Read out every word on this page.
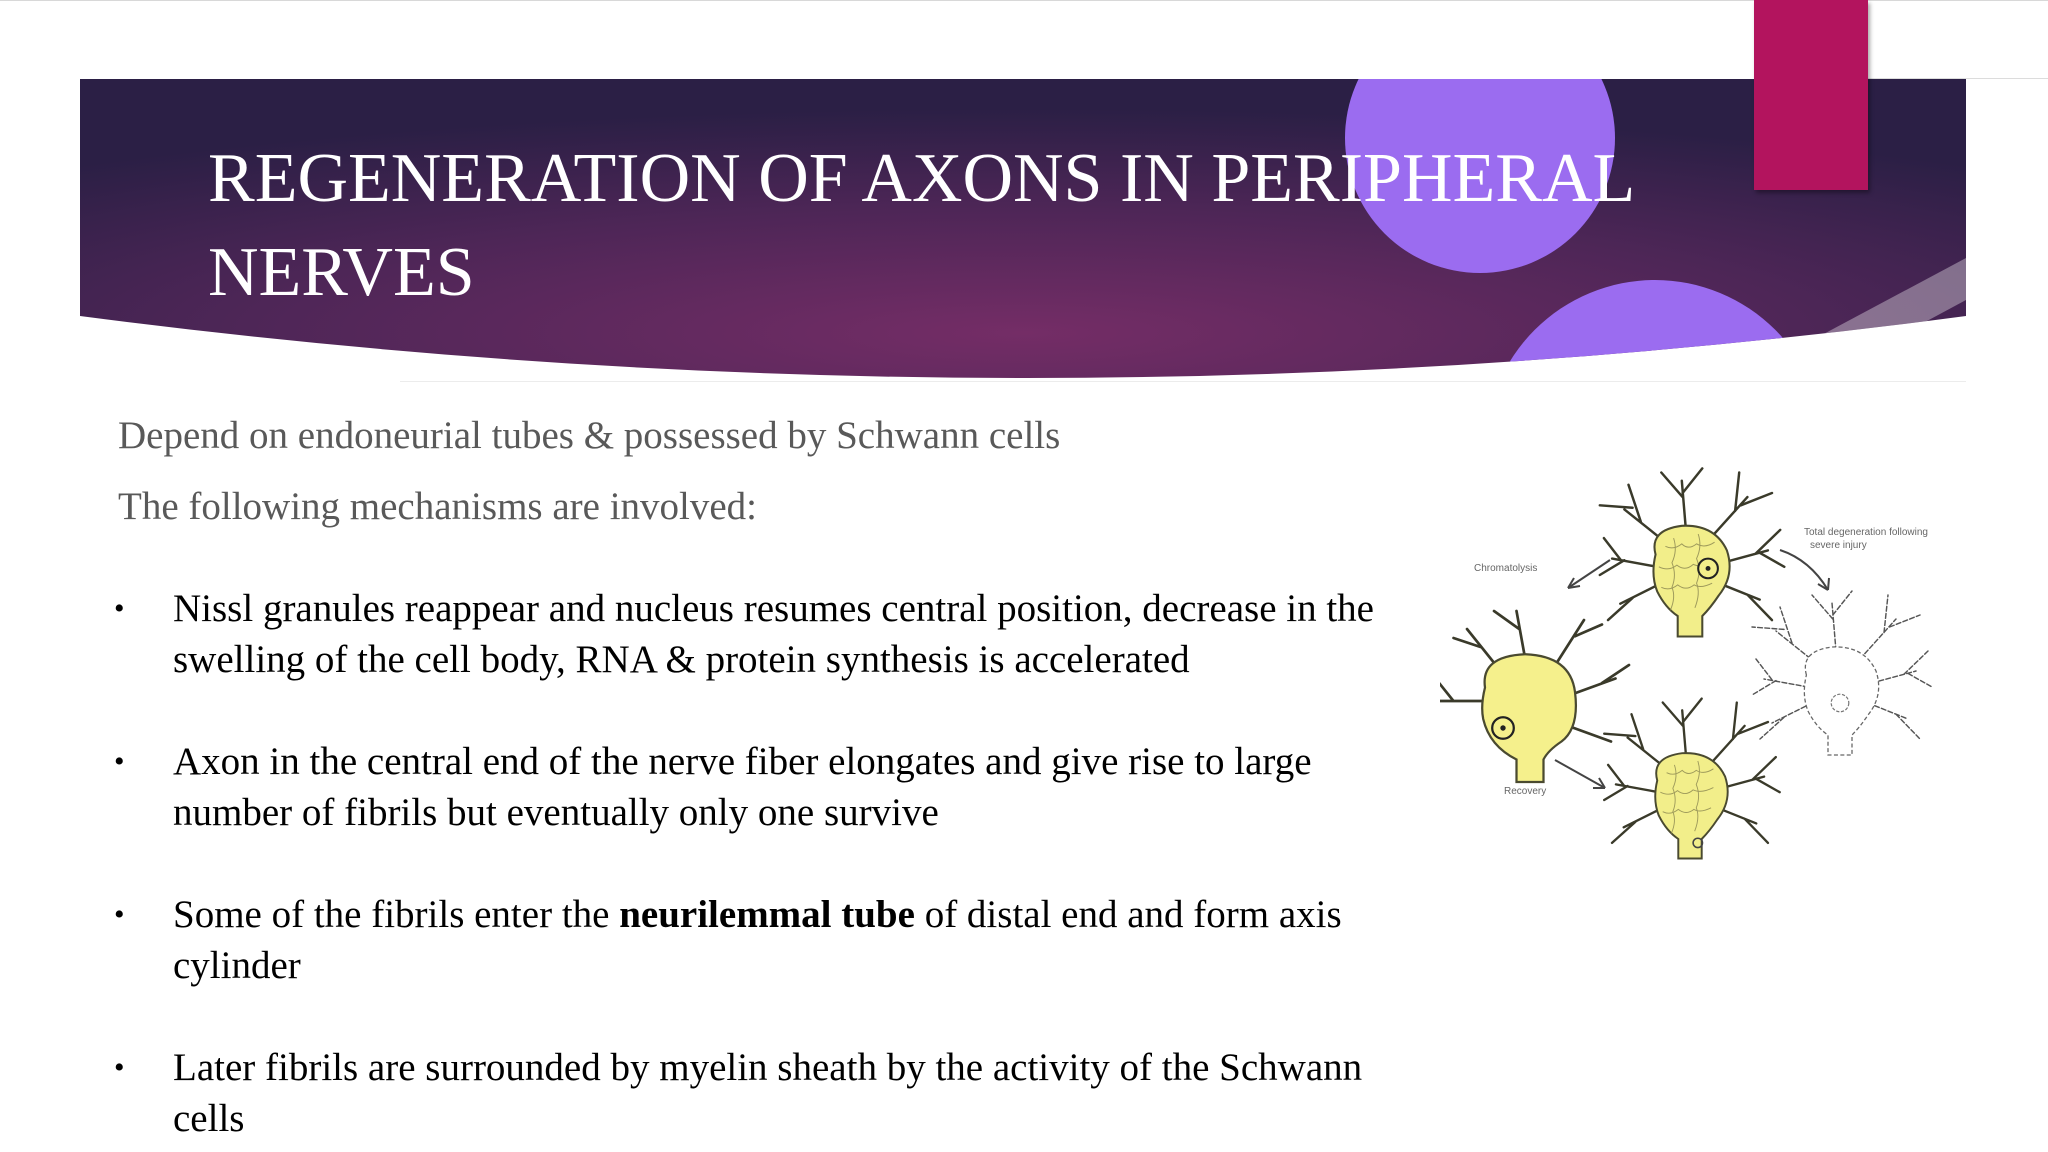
REGENERATION OF AXONS IN PERIPHERAL NERVES

Depend on endoneurial tubes & possessed by Schwann cells

The following mechanisms are involved:

• Nissl granules reappear and nucleus resumes central position, decrease in the swelling of the cell body, RNA & protein synthesis is accelerated
• Axon in the central end of the nerve fiber elongates and give rise to large number of fibrils but eventually only one survive
• Some of the fibrils enter the neurilemmal tube of distal end and form axis cylinder
• Later fibrils are surrounded by myelin sheath by the activity of the Schwann cells
Chromatolysis
Recovery
Total degeneration following
severe injury
